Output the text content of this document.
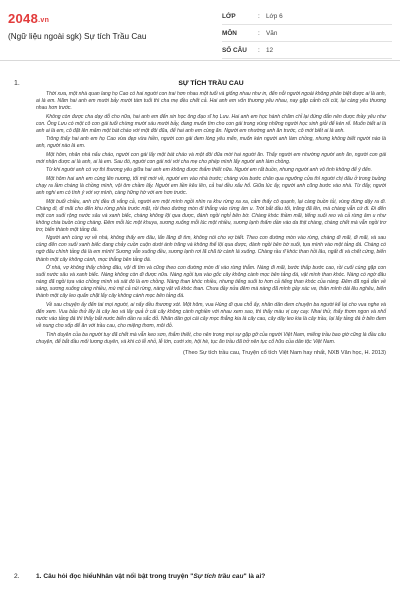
2048.vn
(Ngữ liệu ngoài sgk) Sự tích Trầu Cau
LỚP	: Lớp 6
MÔN	: Văn
SỐ CÂU	: 12
1.	SỰ TÍCH TRẦU CAU

Thời xưa, một nhà quan lang họ Cao có hai người con trai hơn nhau một tuổi và giống nhau như in, đến nỗi người ngoài không phân biệt được ai là anh, ai là em. Năm hai anh em mười bảy mười tám tuổi thì cha mẹ đều chết cả. Hai anh em vốn thương yêu nhau, nay gặp cảnh côi cút, lại càng yêu thương nhau hơn trước.

Không còn được cha dạy dỗ cho nữa, hai anh em đến xin học ông đạo sĩ họ Lưu. Hai anh em học hành chăm chỉ lại đứng đắn nên được thầy yêu như con. Ông Lưu có một cô con gái tuổi chừng mười sáu mười bảy, đang muốn tìm cho con gái trong vùng những người học sinh giỏi để kén rể. Muốn biết ai là anh ai là em, cô đặt lên mâm một bát cháo với một đôi đũa, để hai anh em cùng ăn. Người em nhường anh ăn trước, cô mới biết ai là anh.

Trông thấy hai anh em họ Cao vừa đẹp vừa hiền, người con gái đem lòng yêu mến, muốn kén người anh làm chồng, nhưng không biết người nào là anh, người nào là em.

Một hôm, nhân nhà nấu cháo, người con gái lấy một bát cháo và một đôi đũa mời hai người ăn. Thấy người em nhường người anh ăn, người con gái mới nhận được ai là anh, ai là em. Sau đó, người con gái nói với cha mẹ cho phép mình lấy người anh làm chồng.

Từ khi người anh có vợ thì thương yêu giữa hai anh em không được thắm thiết nữa. Người em rất buồn, nhưng người anh vô tình không để ý đến.

Một hôm hai anh em cùng lên nương, tối mịt mới về, người em vào nhà trước; chàng vừa bước chân qua ngưỡng cửa thì người chị dâu ở trong buồng chạy ra lầm chàng là chồng mình, vội ôm chầm lấy. Người em liền kêu lên, cả hai đều xấu hổ. Giữa lúc ấy, người anh cũng bước vào nhà. Từ đấy, người anh nghi em có tình ý với vợ mình, càng hững hờ với em hơn trước.

Một buổi chiều, anh chị đều đi vắng cả, người em một mình ngồi nhìn ra khu rừng xa xa, cảm thấy cô quạnh, lại càng buồn tủi, vùng đứng dậy ra đi. Chàng đi, đi mãi cho đến khu rừng phía trước mặt, rồi theo đường mòn đi thẳng vào rừng âm u. Trời bắt đầu tối, trăng đã lên, mà chàng vẫn cứ đi. Đi đến một con suối rộng nước sâu và xanh biếc, chàng không lội qua được, đành ngồi nghỉ bên bờ. Chàng khóc thầm mãi, tiếng suối reo và cả rừng âm u như không chia buồn cùng chàng. Đêm mỗi lúc một khuya, sương xuống mỗi lúc một nhiều, sương lạnh thấm dần vào da thịt chàng, chàng chết mà vẫn ngồi trơ trơ, biến thành một tảng đá.

Người anh cùng vợ về nhà, không thấy em đâu, lẩn lăng đi tìm, không nói cho vợ biết. Theo con đường mòn vào rừng, chàng đi mãi, đi mãi, và sau cùng đến con suối xanh biếc đang chảy cuồn cuộn dưới ánh trăng và không thể lội qua được, đành ngồi bên bờ suối, tựa mình vào một tảng đá. Chàng có ngờ đâu chính tảng đá là em mình! Sương vẫn xuống đều, sương lạnh rơi lã chã từ cành lá xuống. Chàng rầu rĩ khóc than hồi lâu, ngất đi và chết cứng, biến thành một cây không cành, mọc thẳng bên tảng đá.

Ở nhà, vợ không thấy chồng đâu, vội đi tìm và cũng theo con đường mòn đi vào rừng thẳm. Nàng đi mãi, bước thấp bước cao, rồi cuối cùng gặp con suối nước sâu và xanh biếc. Nàng không còn đi được nữa. Nàng ngồi tựa vào gốc cây không cành mọc bên tảng đá, vật mình than khóc. Nàng có ngờ đâu nàng đã ngồi tựa vào chồng mình và sát đó là em chồng. Nàng than khóc nhiều, nhưng tiếng suối to hơn cả tiếng than khóc của nàng. Đêm đã ngả dần về sáng, sương xuống càng nhiều, mù mịt cả núi rừng, nàng vật vã khóc than. Chưa đầy nửa đêm mà nàng đã mình gầy xác ve, thân mình dài lêu nghêu, biến thành một cây leo quấn chặt lấy cây không cành mọc bên tảng đá.

Về sau chuyện ấy đến tai mọi người, ai nấy đều thương xót. Một hôm, vua Hùng đi qua chỗ ấy, nhân dân đem chuyện ba người kể lại cho vua nghe và đến xem. Vua bảo thử lấy lá cây leo và lấy quả ở cái cây không cành nghiền với nhau xem sao, thì thấy màu vị cay cay. Nhai thử, thấy thơm ngon và nhổ nước vào tảng đá thì thấy bắt nước biến dần ra sắc đỏ. Nhân dân gọi cái cây mọc thẳng kia là cây cau, cây dây leo kia là cây trầu, lại lấy tảng đá ở bên đem về nung cho xốp để ăn với trầu cau, cho miệng thơm, môi đỏ.

Tình duyên của ba người tuy đã chết mà vẫn keo sơn, thắm thiết, cho nên trong mọi sự gặp gỡ của người Việt Nam, miếng trầu bao giờ cũng là đầu câu chuyện, để bắt đầu mối lương duyên, và khi có lễ nhỏ, lễ lớn, cưới xin, hội hè, tục ăn trầu đã trở nên tục cổ hữu của dân tộc Việt Nam.

(Theo Sự tích trầu cau, Truyện cổ tích Việt Nam hay nhất, NXB Văn học, H. 2013)
2.	1. Câu hỏi đọc hiểuNhân vật nổi bật trong truyện "Sự tích trầu cau" là ai?
